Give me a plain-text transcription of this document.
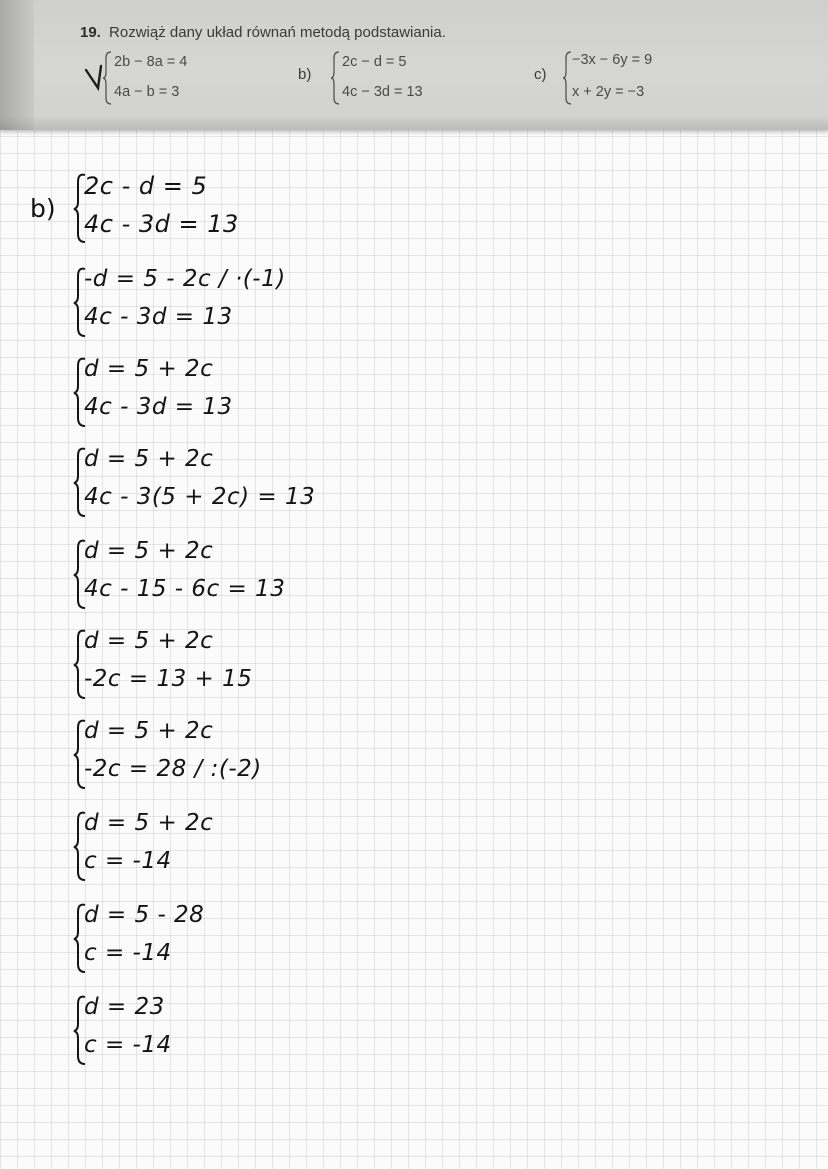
19. Rozwiąż dany układ równań metodą podstawiania.
2b − 8a = 4
4a − b = 3
b)
2c − d = 5
4c − 3d = 13
c)
−3x − 6y = 9
x + 2y = −3
b)
2c - d = 5
4c - 3d = 13
-d = 5 - 2c / ·(-1)
4c - 3d = 13
d = 5 + 2c
4c - 3d = 13
d = 5 + 2c
4c - 3(5 + 2c) = 13
d = 5 + 2c
4c - 15 - 6c = 13
d = 5 + 2c
-2c = 13 + 15
d = 5 + 2c
-2c = 28 / :(-2)
d = 5 + 2c
c = -14
d = 5 - 28
c = -14
d = 23
c = -14
